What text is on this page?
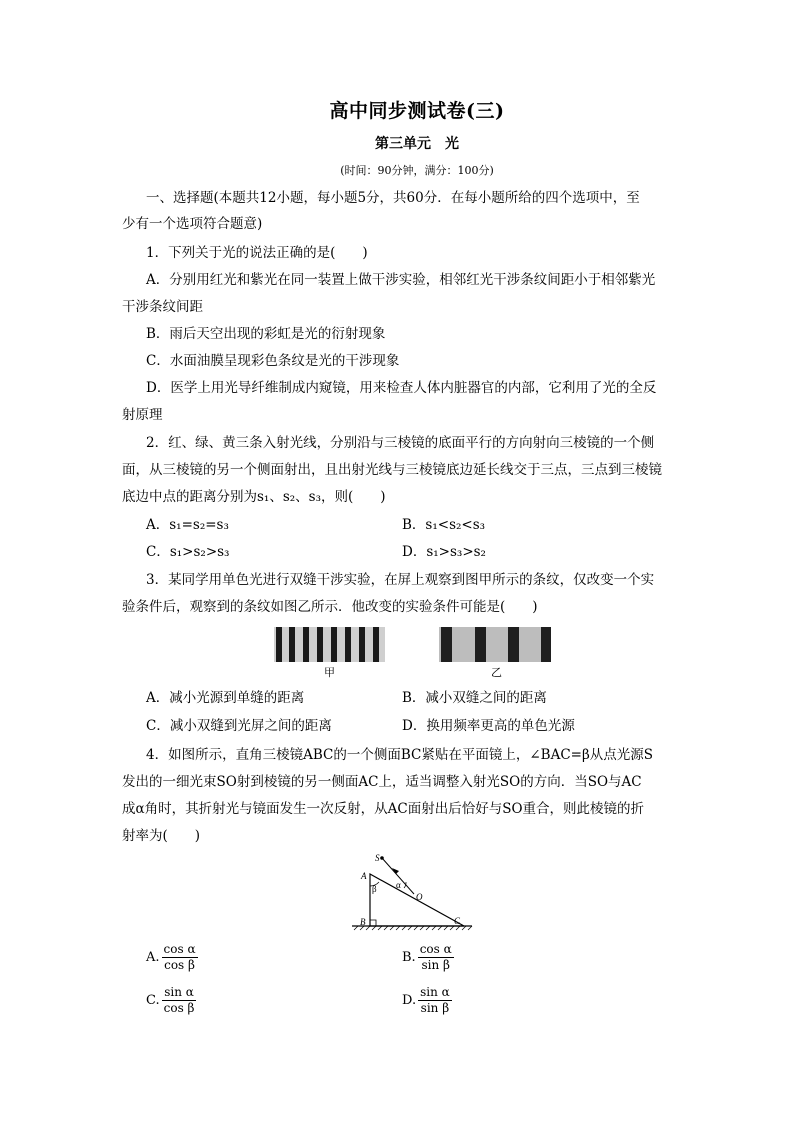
高中同步测试卷(三)
第三单元　光
(时间：90分钟，满分：100分)
一、选择题(本题共12小题，每小题5分，共60分．在每小题所给的四个选项中，至
少有一个选项符合题意)
1．下列关于光的说法正确的是(　　)
A．分别用红光和紫光在同一装置上做干涉实验，相邻红光干涉条纹间距小于相邻紫光
干涉条纹间距
B．雨后天空出现的彩虹是光的衍射现象
C．水面油膜呈现彩色条纹是光的干涉现象
D．医学上用光导纤维制成内窥镜，用来检查人体内脏器官的内部，它利用了光的全反
射原理
2．红、绿、黄三条入射光线，分别沿与三棱镜的底面平行的方向射向三棱镜的一个侧
面，从三棱镜的另一个侧面射出，且出射光线与三棱镜底边延长线交于三点，三点到三棱镜
底边中点的距离分别为s₁、s₂、s₃，则(　　)
A．s₁=s₂=s₃	B．s₁<s₂<s₃
C．s₁>s₂>s₃	D．s₁>s₃>s₂
3．某同学用单色光进行双缝干涉实验，在屏上观察到图甲所示的条纹，仅改变一个实
验条件后，观察到的条纹如图乙所示．他改变的实验条件可能是(　　)
甲	乙
A．减小光源到单缝的距离	B．减小双缝之间的距离
C．减小双缝到光屏之间的距离	D．换用频率更高的单色光源
4．如图所示，直角三棱镜ABC的一个侧面BC紧贴在平面镜上，∠BAC=β从点光源S
发出的一细光束SO射到棱镜的另一侧面AC上，适当调整入射光SO的方向．当SO与AC
成α角时，其折射光与镜面发生一次反射，从AC面射出后恰好与SO重合，则此棱镜的折
射率为(　　)
S
A
B	C
O
β α
A. $\frac{\text{cos α}}{\text{cos β}}$	B. $\frac{\text{cos α}}{\text{sin β}}$
C. $\frac{\text{sin α}}{\text{cos β}}$	D. $\frac{\text{sin α}}{\text{sin β}}$
